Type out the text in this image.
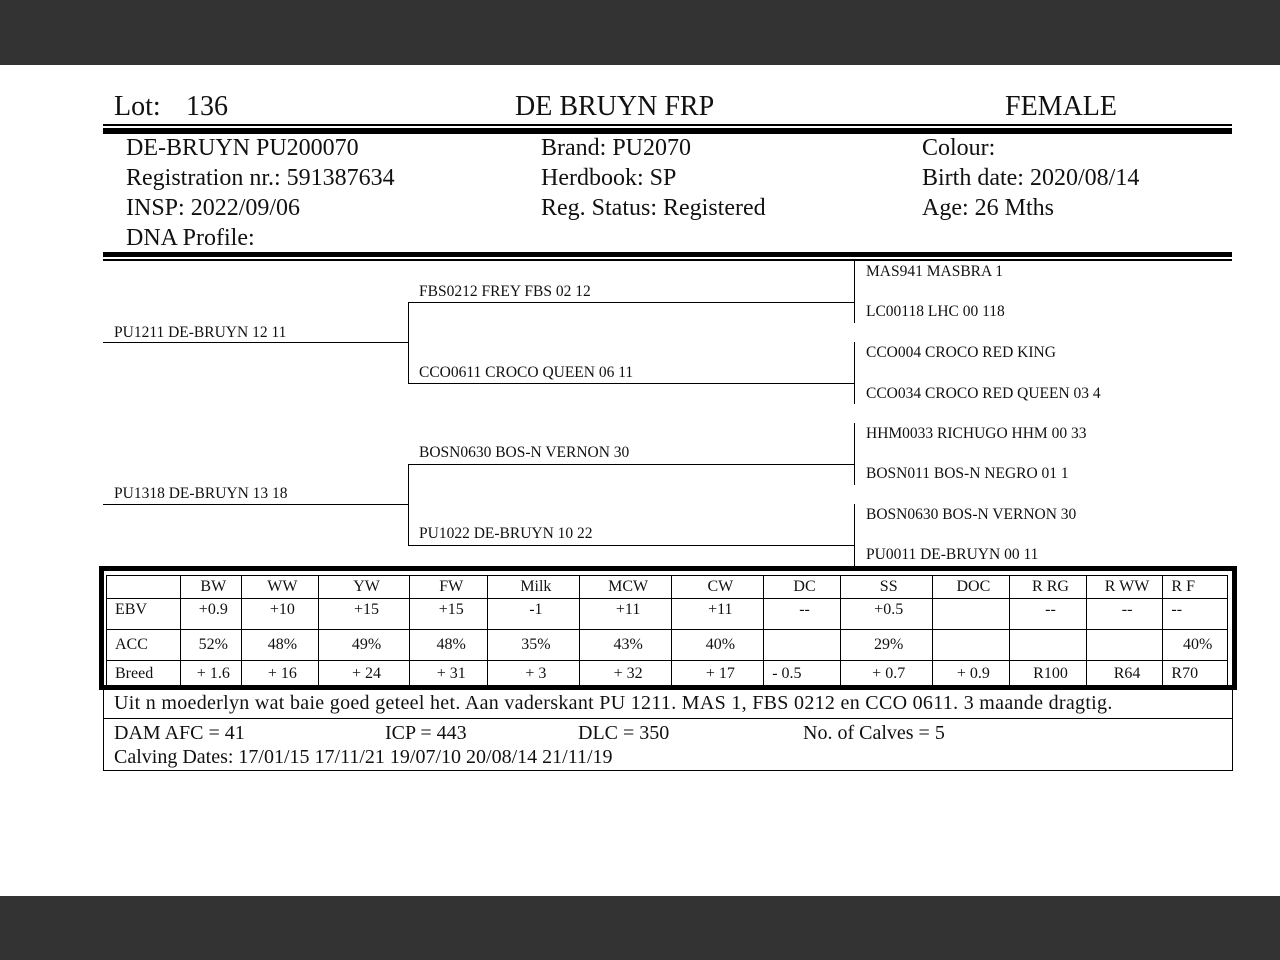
Lot: 136	DE BRUYN FRP	FEMALE
DE-BRUYN PU200070
Registration nr.: 591387634
INSP: 2022/09/06
DNA Profile:
Brand: PU2070
Herdbook: SP
Reg. Status: Registered
Colour:
Birth date: 2020/08/14
Age: 26 Mths
PU1211 DE-BRUYN 12 11
PU1318 DE-BRUYN 13 18
FBS0212 FREY FBS 02 12
CCO0611 CROCO QUEEN 06 11
BOSN0630 BOS-N VERNON 30
PU1022 DE-BRUYN 10 22
MAS941 MASBRA 1
LC00118 LHC 00 118
CCO004 CROCO RED KING
CCO034 CROCO RED QUEEN 03 4
HHM0033 RICHUGO HHM 00 33
BOSN011 BOS-N NEGRO 01 1
BOSN0630 BOS-N VERNON 30
PU0011 DE-BRUYN 00 11
	BW	WW	YW	FW	Milk	MCW	CW	DC	SS	DOC	R RG	R WW	R F
EBV	+0.9	+10	+15	+15	-1	+11	+11	--	+0.5		--	--	--
ACC	52%	48%	49%	48%	35%	43%	40%		29%				40%
Breed	+ 1.6	+ 16	+ 24	+ 31	+ 3	+ 32	+ 17	- 0.5	+ 0.7	+ 0.9	R100	R64	R70
Uit n moederlyn wat baie goed geteel het. Aan vaderskant PU 1211. MAS 1, FBS 0212 en CCO 0611. 3 maande dragtig.
DAM AFC = 41	ICP = 443	DLC = 350	No. of Calves = 5
Calving Dates: 17/01/15 17/11/21 19/07/10 20/08/14 21/11/19
